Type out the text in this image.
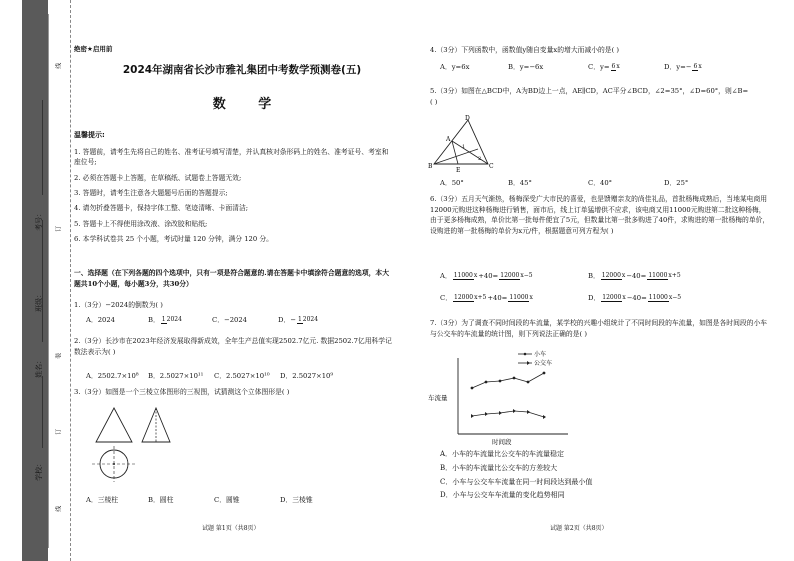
学校：
姓名：
班级：
考号：
线
订
装
订
线
绝密★启用前
2024年湖南省长沙市雅礼集团中考数学预测卷(五)
数 学
温馨提示:
1. 答题前，请考生先将自己的姓名、准考证号填写清楚，并认真核对条形码上的姓名、准考证号、考室和座位号;
2. 必须在答题卡上答题，在草稿纸、试题卷上答题无效;
3. 答题时，请考生注意各大题题号后面的答题提示;
4. 请勿折叠答题卡，保持字体工整、笔迹清晰、卡面清洁;
5. 答题卡上不得使用涂改液、涂改胶和贴纸;
6. 本学科试卷共 25 个小题，考试时量 120 分钟，满分 120 分。
一、选择题（在下列各题的四个选项中，只有一项是符合题意的.请在答题卡中填涂符合题意的选项，本大题共10个小题，每小题3分，共30分）
1.（3分）−2024的倒数为( )
A．2024	B． 12024	C．−2024	D．− 12024
2.（3分）长沙市在2023年经济发展取得新成效，全年生产总值实现2502.7亿元. 数据2502.7亿用科学记数法表示为( )
A．2502.7×10⁸	B．2.5027×10¹¹	C．2.5027×10¹⁰	D．2.5027×10⁹
3.（3分）如图是一个三棱立体图形的三视图，试猜测这个立体图形是( )
A．三棱柱	B．圆柱	C．圆锥	D．三棱锥
试题 第1页（共8页）
4.（3分）下列函数中，函数值y随自变量x的增大而减小的是( )
A．y=6x	B．y=−6x	C．y= 6x	D．y=− 6x
5.（3分）如图在△BCD中，A为BD边上一点，AE∥CD，AC平分∠BCD，∠2=35°，∠D=60°，则∠B=( )
D
A
B
E
C
1
2
A．50°	B．45°	C．40°	D．25°
6.（3分）五月天气渐热，杨梅深受广大市民的喜爱，也是馈赠亲友的尚佳礼品，首批杨梅成熟后，当地某电商用12000元购进这种杨梅进行销售，面市后，线上订单猛增供不应求，该电商又用11000元购进第二批这种杨梅，由于更多杨梅成熟，单价比第一批每件便宜了5元，但数量比第一批多购进了40件，求购进的第一批杨梅的单价，设购进的第一批杨梅的单价为x元/件，根据题意可列方程为( )
A． 11000x+40= 12000x−5	B． 12000x−40= 11000x+5
C． 12000x+5+40= 11000x	D． 12000x−40= 11000x−5
7.（3分）为了调查不同时间段的车流量，某学校的兴趣小组统计了不同时间段的车流量，如图是各时间段的小车与公交车的车流量的统计图，则下列说法正确的是( )
车流量
时间段
小车
公交车
A．小车的车流量比公交车的车流量稳定
B．小车的车流量比公交车的方差较大
C．小车与公交车车流量在同一时间段达到最小值
D．小车与公交车车流量的变化趋势相同
试题 第2页（共8页）
